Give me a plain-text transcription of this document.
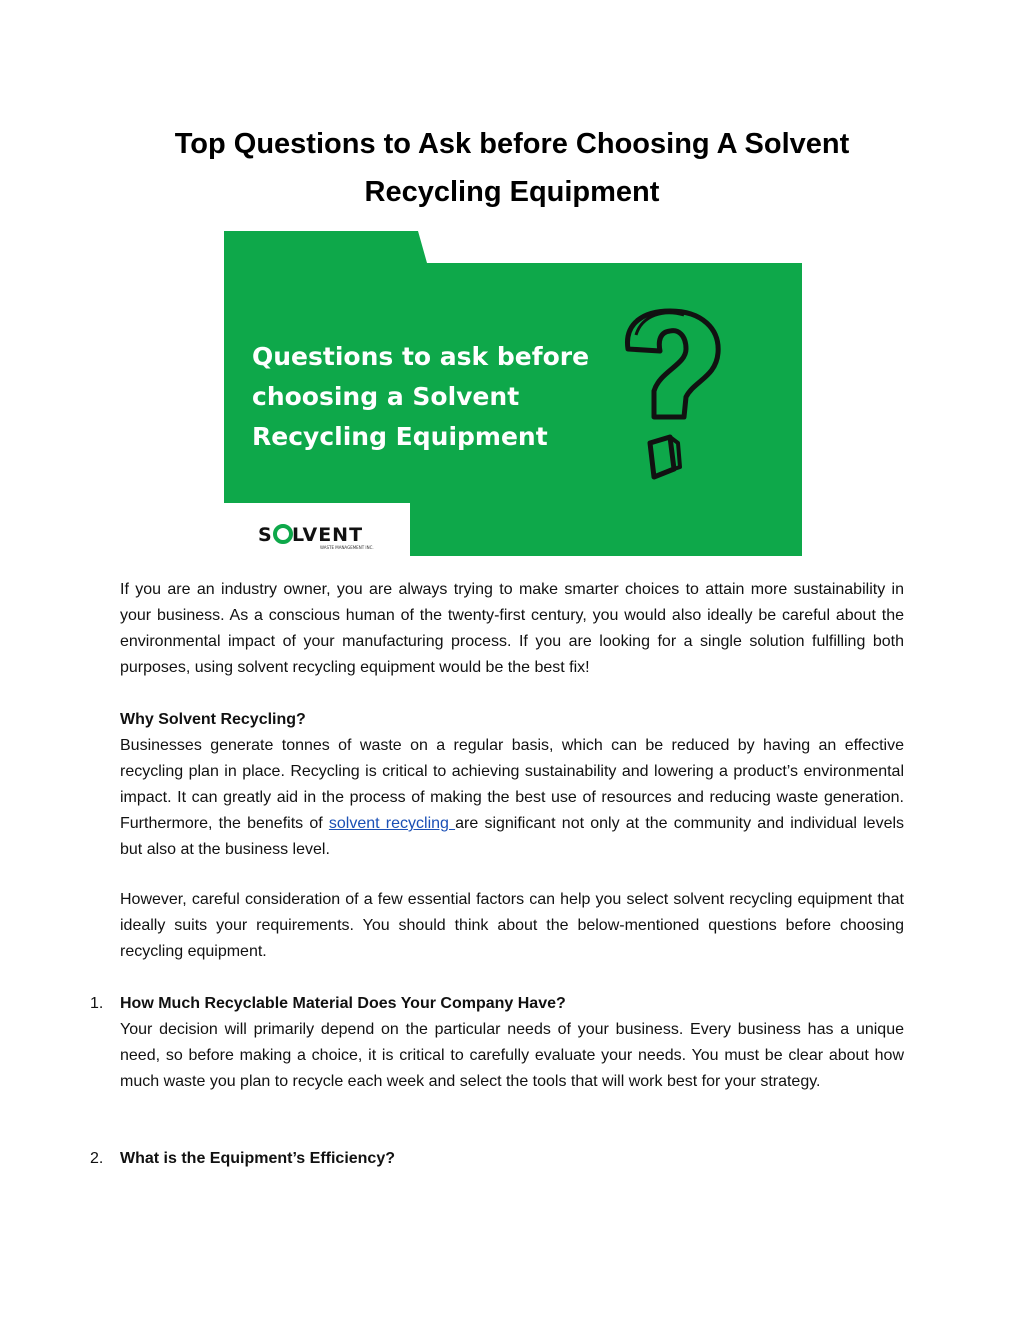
Top Questions to Ask before Choosing A Solvent
Recycling Equipment
Questions to ask before
choosing a Solvent
Recycling Equipment
S LVENT
WASTE MANAGEMENT INC.

If you are an industry owner, you are always trying to make smarter choices to attain more sustainability in your business. As a conscious human of the twenty-first century, you would also ideally be careful about the environmental impact of your manufacturing process. If you are looking for a single solution fulfilling both purposes, using solvent recycling equipment would be the best fix!

Why Solvent Recycling?

Businesses generate tonnes of waste on a regular basis, which can be reduced by having an effective recycling plan in place. Recycling is critical to achieving sustainability and lowering a product’s environmental impact. It can greatly aid in the process of making the best use of resources and reducing waste generation. Furthermore, the benefits of solvent recycling are significant not only at the community and individual levels but also at the business level.

However, careful consideration of a few essential factors can help you select solvent recycling equipment that ideally suits your requirements. You should think about the below-mentioned questions before choosing recycling equipment.

1. How Much Recyclable Material Does Your Company Have?

Your decision will primarily depend on the particular needs of your business. Every business has a unique need, so before making a choice, it is critical to carefully evaluate your needs. You must be clear about how much waste you plan to recycle each week and select the tools that will work best for your strategy.

2. What is the Equipment’s Efficiency?
